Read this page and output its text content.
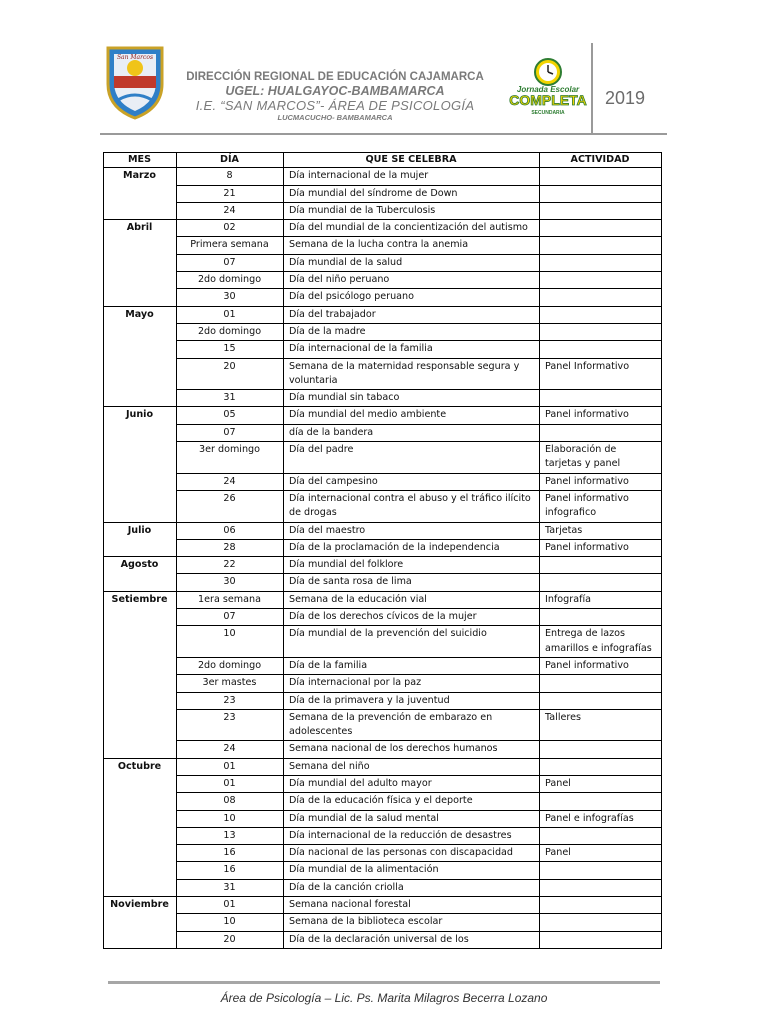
San Marcos
DIRECCIÓN REGIONAL DE EDUCACIÓN CAJAMARCA
UGEL: HUALGAYOC-BAMBAMARCA
I.E. “SAN MARCOS”- ÁREA DE PSICOLOGÍA
LUCMACUCHO- BAMBAMARCA
Jornada Escolar
COMPLETA
SECUNDARIA
2019
MES	DÍA	QUE SE CELEBRA	ACTIVIDAD
Marzo	8	Día internacional de la mujer	
	21	Día mundial del síndrome de Down	
	24	Día mundial de la Tuberculosis	
Abril	02	Día del mundial de la concientización del autismo	
	Primera semana	Semana de la lucha contra la anemia	
	07	Día mundial de la salud	
	2do domingo	Día del niño peruano	
	30	Día del psicólogo peruano	
Mayo	01	Día del trabajador	
	2do domingo	Día de la madre	
	15	Día internacional de la familia	
	20	Semana de la maternidad responsable segura y voluntaria	Panel Informativo
	31	Día mundial sin tabaco	
Junio	05	Día mundial del medio ambiente	Panel informativo
	07	día de la bandera	
	3er domingo	Día del padre	Elaboración de tarjetas y panel
	24	Día del campesino	Panel informativo
	26	Día internacional contra el abuso y el tráfico ilícito de drogas	Panel informativo infografico
Julio	06	Día del maestro	Tarjetas
	28	Día de la proclamación de la independencia	Panel informativo
Agosto	22	Día mundial del folklore	
	30	Día de santa rosa de lima	
Setiembre	1era semana	Semana de la educación vial	Infografía
	07	Día de los derechos cívicos de la mujer	
	10	Día mundial de la prevención del suicidio	Entrega de lazos amarillos e infografías
	2do domingo	Día de la familia	Panel informativo
	3er mastes	Día internacional por la paz	
	23	Día de la primavera y la juventud	
	23	Semana de la prevención de embarazo en adolescentes	Talleres
	24	Semana nacional de los derechos humanos	
Octubre	01	Semana del niño	
	01	Día mundial del adulto mayor	Panel
	08	Día de la educación física y el deporte	
	10	Día mundial de la salud mental	Panel e infografías
	13	Día internacional de la reducción de desastres	
	16	Día nacional de las personas con discapacidad	Panel
	16	Día mundial de la alimentación	
	31	Día de la canción criolla	
Noviembre	01	Semana nacional forestal	
	10	Semana de la biblioteca escolar	
	20	Día de la declaración universal de los	
Área de Psicología – Lic. Ps. Marita Milagros Becerra Lozano
